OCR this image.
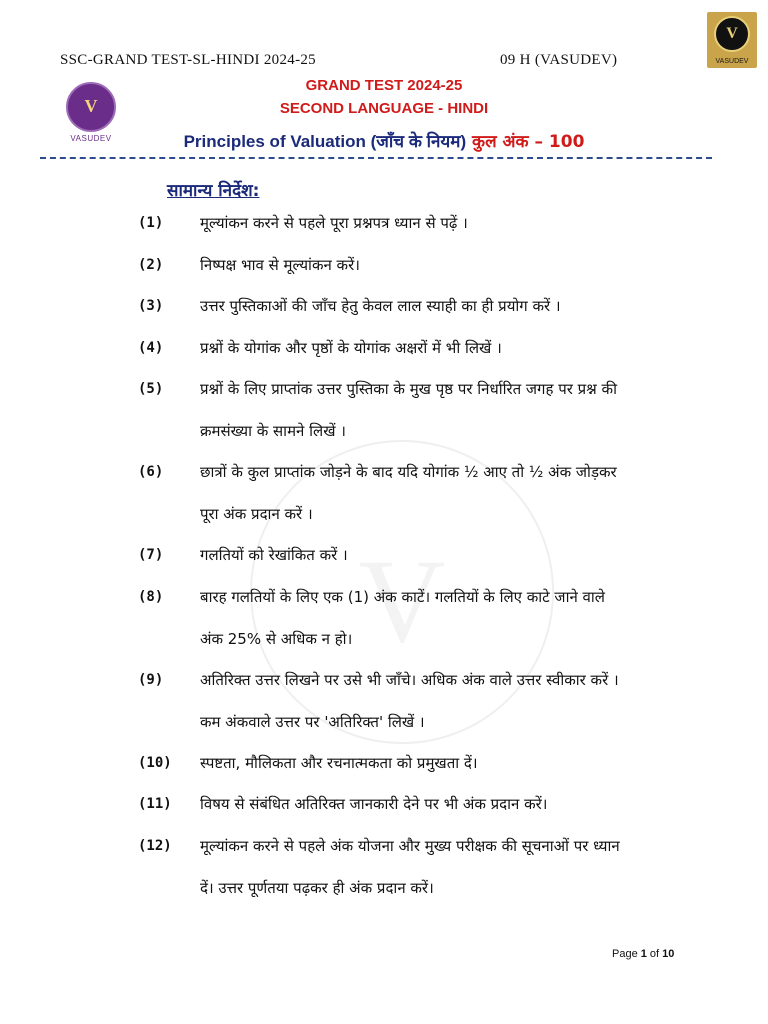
SSC-GRAND TEST-SL-HINDI 2024-25	09 H (VASUDEV)
V
VASUDEV
V
VASUDEV
GRAND TEST 2024-25
SECOND LANGUAGE - HINDI
Principles of Valuation (जाँच के नियम) कुल अंक – 100
V
सामान्य निर्देश:
(1) मूल्यांकन करने से पहले पूरा प्रश्नपत्र ध्यान से पढ़ें ।
(2) निष्पक्ष भाव से मूल्यांकन करें।
(3) उत्तर पुस्तिकाओं की जाँच हेतु केवल लाल स्याही का ही प्रयोग करें ।
(4) प्रश्नों के योगांक और पृष्ठों के योगांक अक्षरों में भी लिखें ।
(5) प्रश्नों के लिए प्राप्तांक उत्तर पुस्तिका के मुख पृष्ठ पर निर्धारित जगह पर प्रश्न की
क्रमसंख्या के सामने लिखें ।
(6) छात्रों के कुल प्राप्तांक जोड़ने के बाद यदि योगांक ½ आए तो ½ अंक जोड़कर
पूरा अंक प्रदान करें ।
(7) गलतियों को रेखांकित करें ।
(8) बारह गलतियों के लिए एक (1) अंक काटें। गलतियों के लिए काटे जाने वाले
अंक 25% से अधिक न हो।
(9) अतिरिक्त उत्तर लिखने पर उसे भी जाँचे। अधिक अंक वाले उत्तर स्वीकार करें ।
कम अंकवाले उत्तर पर 'अतिरिक्त' लिखें ।
(10) स्पष्टता, मौलिकता और रचनात्मकता को प्रमुखता दें।
(11) विषय से संबंधित अतिरिक्त जानकारी देने पर भी अंक प्रदान करें।
(12) मूल्यांकन करने से पहले अंक योजना और मुख्य परीक्षक की सूचनाओं पर ध्यान
दें। उत्तर पूर्णतया पढ़कर ही अंक प्रदान करें।
Page 1 of 10
